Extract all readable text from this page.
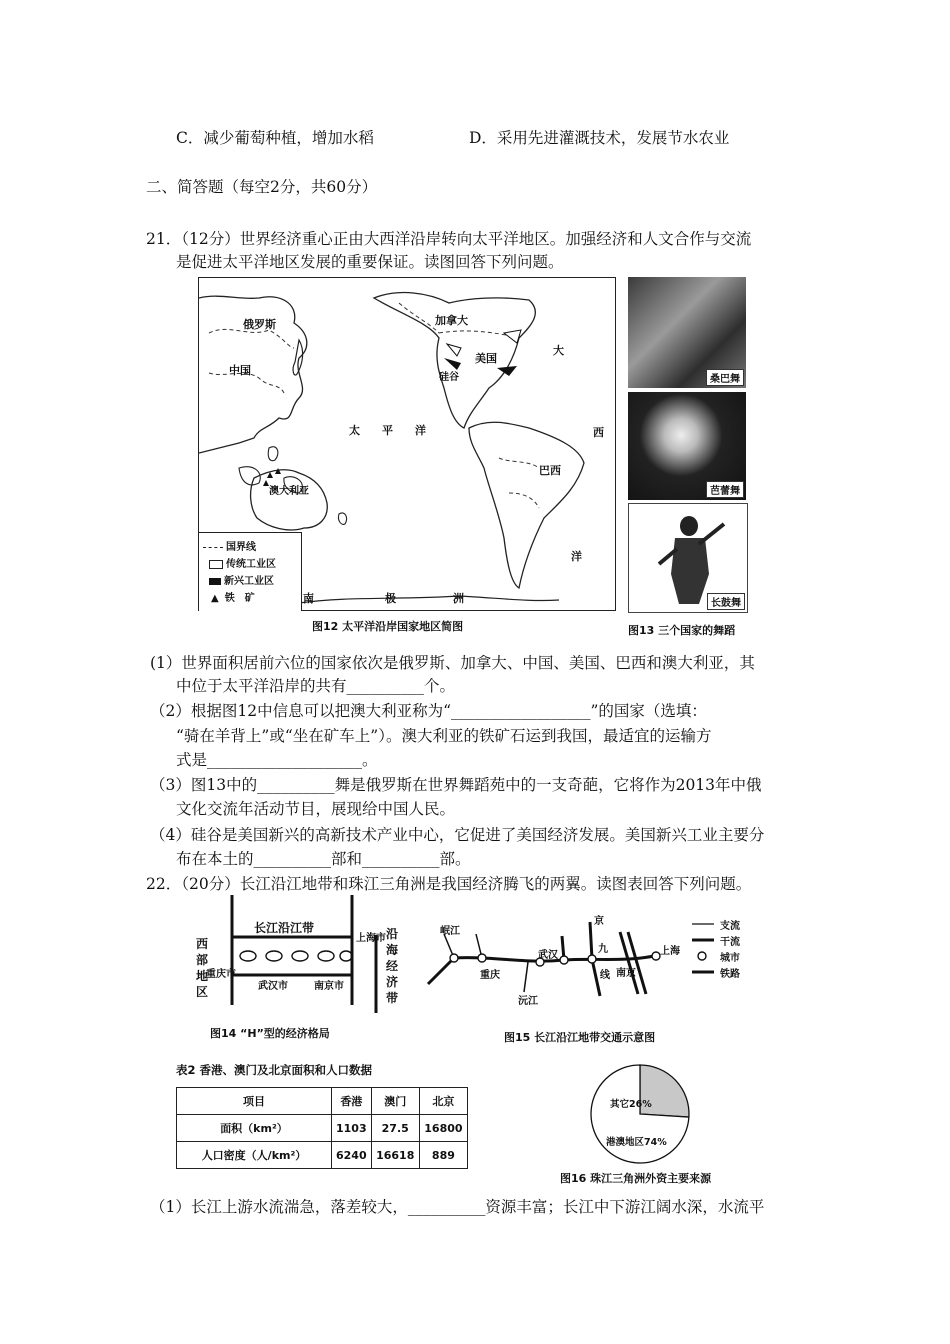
C．减少葡萄种植，增加水稻	D．采用先进灌溉技术，发展节水农业
二、简答题（每空2分，共60分）
21．（12分）世界经济重心正由大西洋沿岸转向太平洋地区。加强经济和人文合作与交流
是促进太平洋地区发展的重要保证。读图回答下列问题。
俄罗斯
中国
加拿大
美国
硅谷
太 平 洋
澳大利亚
巴西
大
西
洋
南	极	洲
国界线
传统工业区
新兴工业区
▲ 铁　矿
图12 太平洋沿岸国家地区简图
桑巴舞
芭蕾舞
长鼓舞
图13 三个国家的舞蹈
(1）世界面积居前六位的国家依次是俄罗斯、加拿大、中国、美国、巴西和澳大利亚，其
中位于太平洋沿岸的共有__________个。
（2）根据图12中信息可以把澳大利亚称为“__________________”的国家（选填：
“骑在羊背上”或“坐在矿车上”）。澳大利亚的铁矿石运到我国，最适宜的运输方
式是____________________。
（3）图13中的__________舞是俄罗斯在世界舞蹈苑中的一支奇葩，它将作为2013年中俄
文化交流年活动节目，展现给中国人民。
（4）硅谷是美国新兴的高新技术产业中心，它促进了美国经济发展。美国新兴工业主要分
布在本土的__________部和__________部。
22．（20分）长江沿江地带和珠江三角洲是我国经济腾飞的两翼。读图表回答下列问题。
长江沿江带
西
部
地
区
上海市 沿
海
经
济
带
重庆市
武汉市	南京市
图14 “H”型的经济格局
岷江
重庆
沅江
武汉
京
九
线 南京
上海
支流
干流
城市
铁路
图15 长江沿江地带交通示意图
表2 香港、澳门及北京面积和人口数据
项目	香港	澳门	北京
面积（km²）	1103	27.5	16800
人口密度（人/km²）	6240	16618	889
其它26%
港澳地区74%
图16 珠江三角洲外资主要来源
（1）长江上游水流湍急，落差较大，__________资源丰富；长江中下游江阔水深，水流平
